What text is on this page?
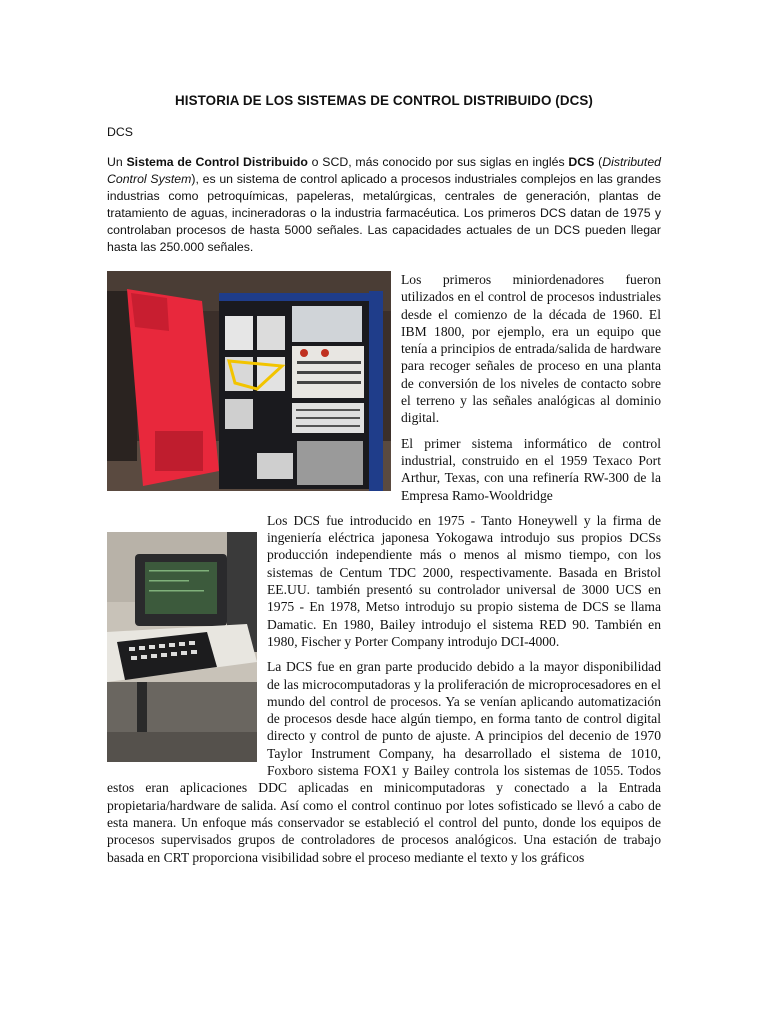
HISTORIA DE LOS SISTEMAS DE CONTROL DISTRIBUIDO (DCS)
DCS

Un Sistema de Control Distribuido o SCD, más conocido por sus siglas en inglés DCS (Distributed Control System), es un sistema de control aplicado a procesos industriales complejos en las grandes industrias como petroquímicas, papeleras, metalúrgicas, centrales de generación, plantas de tratamiento de aguas, incineradoras o la industria farmacéutica. Los primeros DCS datan de 1975 y controlaban procesos de hasta 5000 señales. Las capacidades actuales de un DCS pueden llegar hasta las 250.000 señales.

Los primeros miniordenadores fueron utilizados en el control de procesos industriales desde el comienzo de la década de 1960. El IBM 1800, por ejemplo, era un equipo que tenía a principios de entrada/salida de hardware para recoger señales de proceso en una planta de conversión de los niveles de contacto sobre el terreno y las señales analógicas al dominio digital.

El primer sistema informático de control industrial, construido en el 1959 Texaco Port Arthur, Texas, con una refinería RW-300 de la Empresa Ramo-Wooldridge

Los DCS fue introducido en 1975 - Tanto Honeywell y la firma de ingeniería eléctrica japonesa Yokogawa introdujo sus propios DCSs producción independiente más o menos al mismo tiempo, con los sistemas de Centum TDC 2000, respectivamente. Basada en Bristol EE.UU. también presentó su controlador universal de 3000 UCS en 1975 - En 1978, Metso introdujo su propio sistema de DCS se llama Damatic. En 1980, Bailey introdujo el sistema RED 90. También en 1980, Fischer y Porter Company introdujo DCI-4000.

La DCS fue en gran parte producido debido a la mayor disponibilidad de las microcomputadoras y la proliferación de microprocesadores en el mundo del control de procesos. Ya se venían aplicando automatización de procesos desde hace algún tiempo, en forma tanto de control digital directo y control de punto de ajuste. A principios del decenio de 1970 Taylor Instrument Company, ha desarrollado el sistema de 1010, Foxboro sistema FOX1 y Bailey controla los sistemas de 1055. Todos estos eran aplicaciones DDC aplicadas en minicomputadoras y conectado a la Entrada propietaria/hardware de salida. Así como el control continuo por lotes sofisticado se llevó a cabo de esta manera. Un enfoque más conservador se estableció el control del punto, donde los equipos de procesos supervisados grupos de controladores de procesos analógicos. Una estación de trabajo basada en CRT proporciona visibilidad sobre el proceso mediante el texto y los gráficos
